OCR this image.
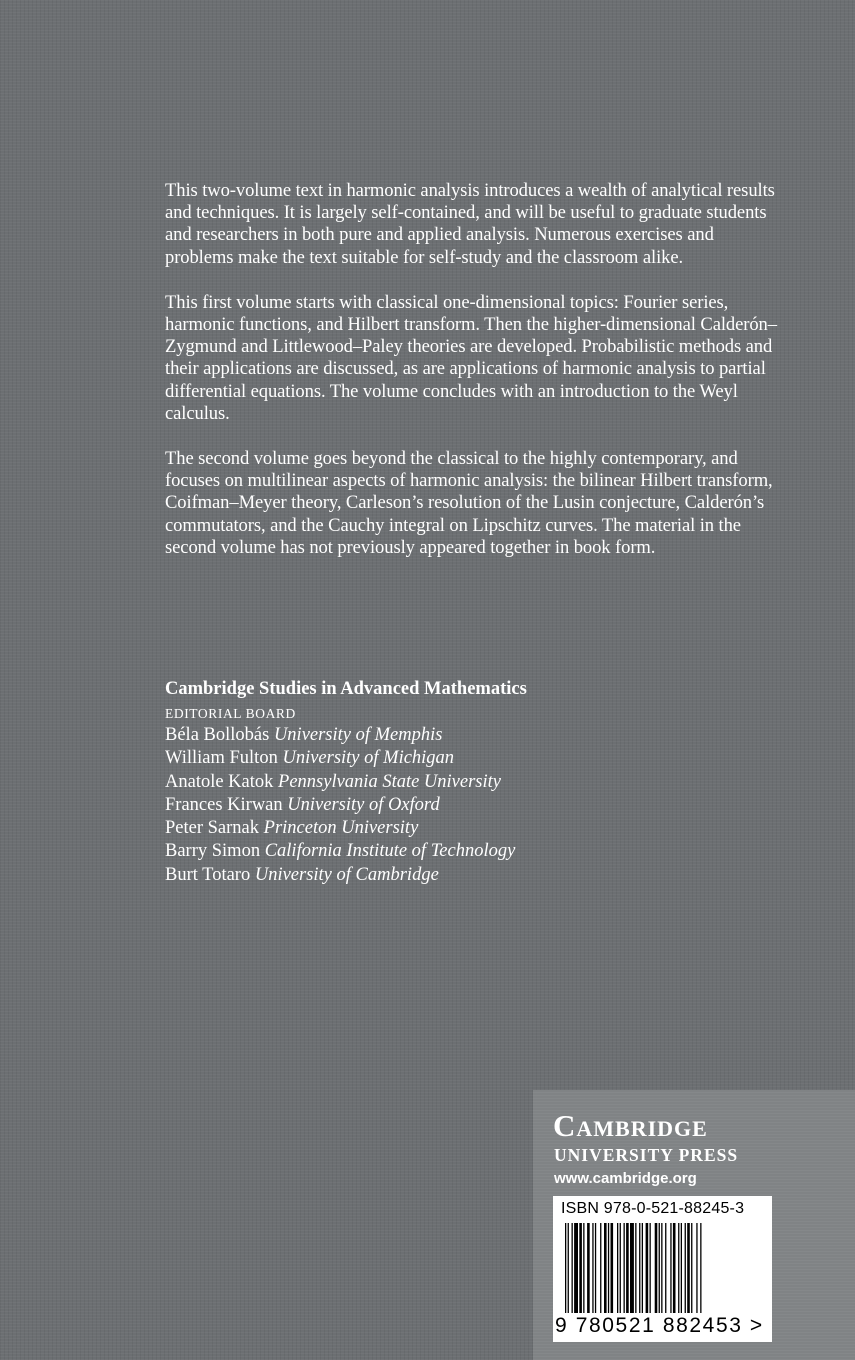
This two-volume text in harmonic analysis introduces a wealth of analytical results and techniques. It is largely self-contained, and will be useful to graduate students and researchers in both pure and applied analysis. Numerous exercises and problems make the text suitable for self-study and the classroom alike.

This first volume starts with classical one-dimensional topics: Fourier series, harmonic functions, and Hilbert transform. Then the higher-dimensional Calderón–Zygmund and Littlewood–Paley theories are developed. Probabilistic methods and their applications are discussed, as are applications of harmonic analysis to partial differential equations. The volume concludes with an introduction to the Weyl calculus.

The second volume goes beyond the classical to the highly contemporary, and focuses on multilinear aspects of harmonic analysis: the bilinear Hilbert transform, Coifman–Meyer theory, Carleson’s resolution of the Lusin conjecture, Calderón’s commutators, and the Cauchy integral on Lipschitz curves. The material in the second volume has not previously appeared together in book form.

Cambridge Studies in Advanced Mathematics
EDITORIAL BOARD
Béla Bollobás University of Memphis
William Fulton University of Michigan
Anatole Katok Pennsylvania State University
Frances Kirwan University of Oxford
Peter Sarnak Princeton University
Barry Simon California Institute of Technology
Burt Totaro University of Cambridge
Cambridge
UNIVERSITY PRESS
www.cambridge.org
ISBN 978-0-521-88245-3
9 780521 882453 >
